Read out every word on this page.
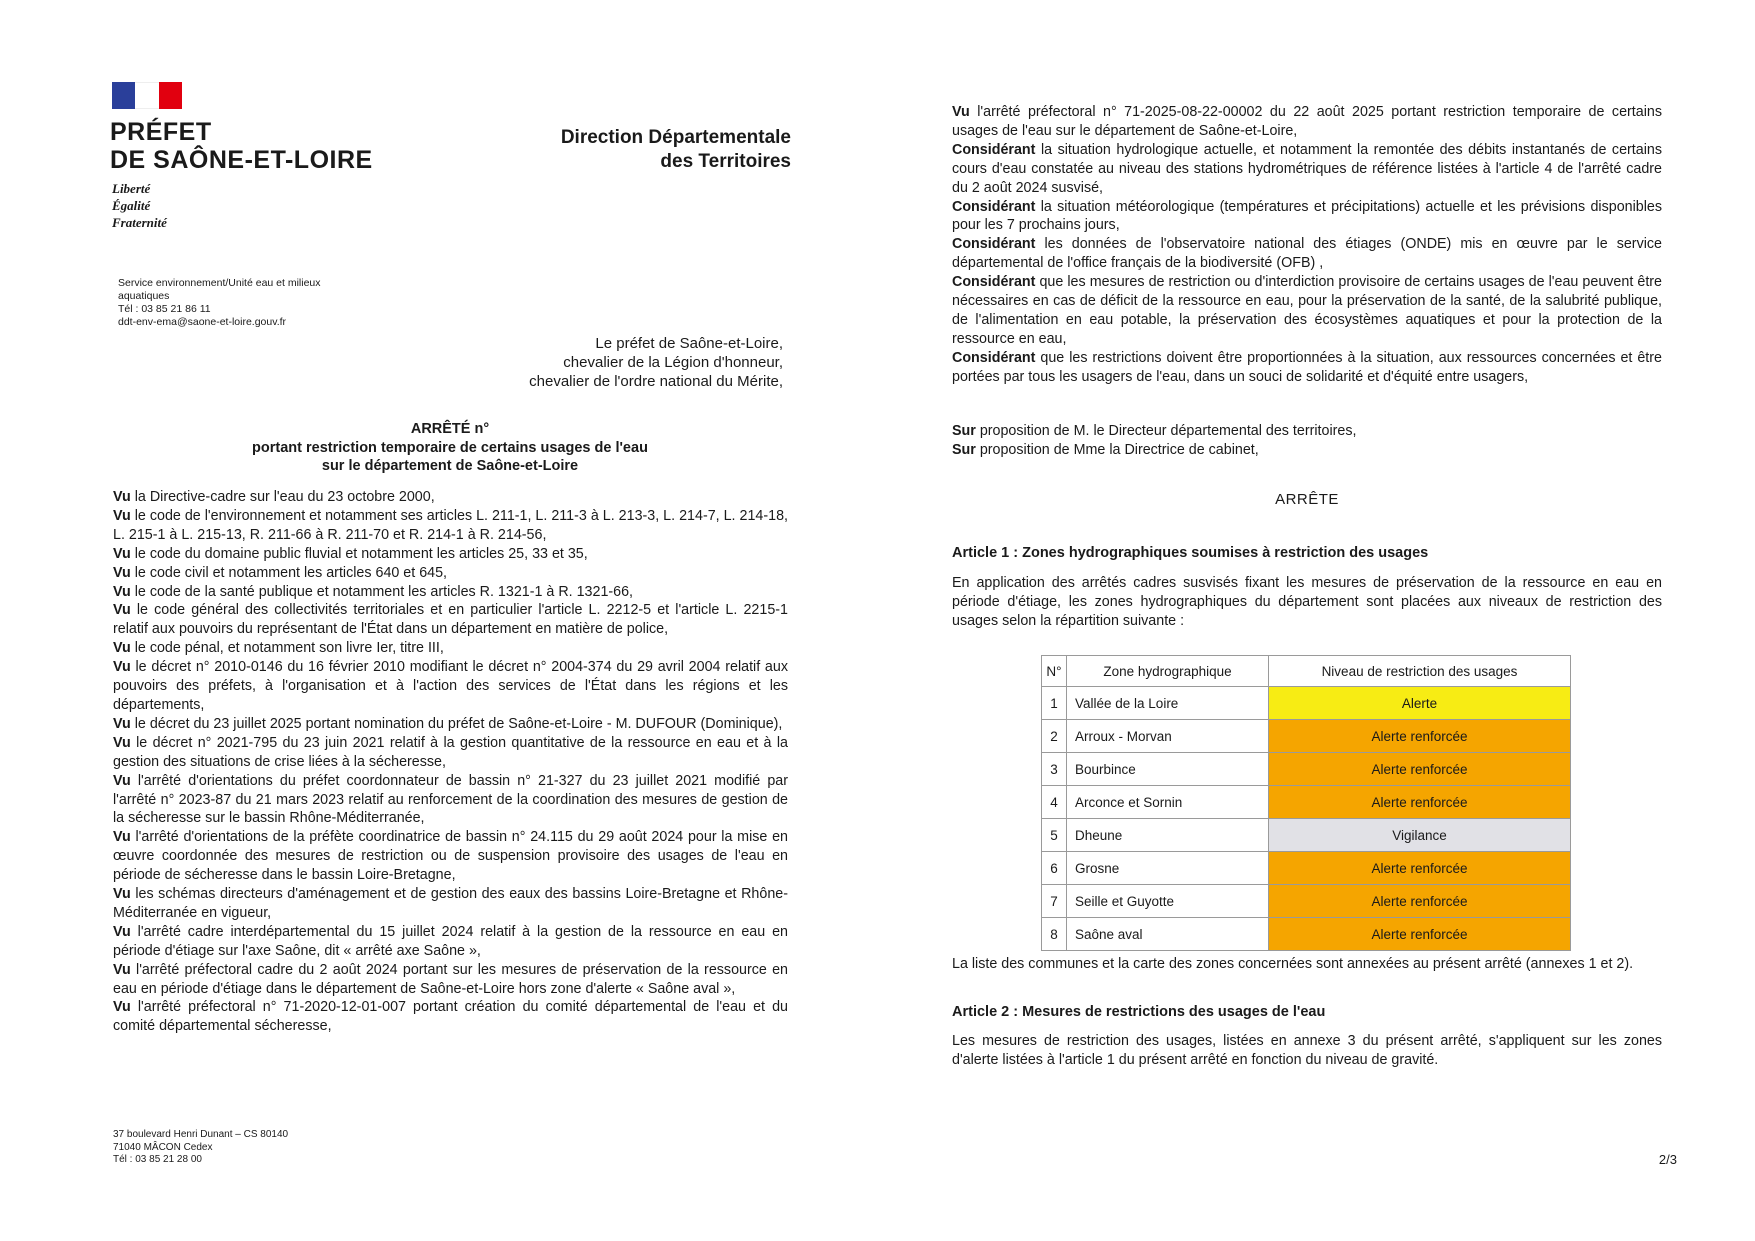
PRÉFET
DE SAÔNE-ET-LOIRE
Liberté
Égalité
Fraternité
Direction Départementale
des Territoires
Service environnement/Unité eau et milieux
aquatiques
Tél : 03 85 21 86 11
ddt-env-ema@saone-et-loire.gouv.fr
Le préfet de Saône-et-Loire,
chevalier de la Légion d'honneur,
chevalier de l'ordre national du Mérite,
ARRÊTÉ n°
portant restriction temporaire de certains usages de l'eau
sur le département de Saône-et-Loire

Vu la Directive-cadre sur l'eau du 23 octobre 2000,

Vu le code de l'environnement et notamment ses articles L. 211-1, L. 211-3 à L. 213-3, L. 214-7, L. 214-18, L. 215-1 à L. 215-13, R. 211-66 à R. 211-70 et R. 214-1 à R. 214-56,

Vu le code du domaine public fluvial et notamment les articles 25, 33 et 35,

Vu le code civil et notamment les articles 640 et 645,

Vu le code de la santé publique et notamment les articles R. 1321-1 à R. 1321-66,

Vu le code général des collectivités territoriales et en particulier l'article L. 2212-5 et l'article L. 2215-1 relatif aux pouvoirs du représentant de l'État dans un département en matière de police,

Vu le code pénal, et notamment son livre Ier, titre III,

Vu le décret n° 2010-0146 du 16 février 2010 modifiant le décret n° 2004-374 du 29 avril 2004 relatif aux pouvoirs des préfets, à l'organisation et à l'action des services de l'État dans les régions et les départements,

Vu le décret du 23 juillet 2025 portant nomination du préfet de Saône-et-Loire - M. DUFOUR (Dominique),

Vu le décret n° 2021-795 du 23 juin 2021 relatif à la gestion quantitative de la ressource en eau et à la gestion des situations de crise liées à la sécheresse,

Vu l'arrêté d'orientations du préfet coordonnateur de bassin n° 21-327 du 23 juillet 2021 modifié par l'arrêté n° 2023-87 du 21 mars 2023 relatif au renforcement de la coordination des mesures de gestion de la sécheresse sur le bassin Rhône-Méditerranée,

Vu l'arrêté d'orientations de la préfète coordinatrice de bassin n° 24.115 du 29 août 2024 pour la mise en œuvre coordonnée des mesures de restriction ou de suspension provisoire des usages de l'eau en période de sécheresse dans le bassin Loire-Bretagne,

Vu les schémas directeurs d'aménagement et de gestion des eaux des bassins Loire-Bretagne et Rhône-Méditerranée en vigueur,

Vu l'arrêté cadre interdépartemental du 15 juillet 2024 relatif à la gestion de la ressource en eau en période d'étiage sur l'axe Saône, dit « arrêté axe Saône »,

Vu l'arrêté préfectoral cadre du 2 août 2024 portant sur les mesures de préservation de la ressource en eau en période d'étiage dans le département de Saône-et-Loire hors zone d'alerte « Saône aval »,

Vu l'arrêté préfectoral n° 71-2020-12-01-007 portant création du comité départemental de l'eau et du comité départemental sécheresse,

37 boulevard Henri Dunant – CS 80140
71040 MÂCON Cedex
Tél : 03 85 21 28 00

Vu l'arrêté préfectoral n° 71-2025-08-22-00002 du 22 août 2025 portant restriction temporaire de certains usages de l'eau sur le département de Saône-et-Loire,

Considérant la situation hydrologique actuelle, et notamment la remontée des débits instantanés de certains cours d'eau constatée au niveau des stations hydrométriques de référence listées à l'article 4 de l'arrêté cadre du 2 août 2024 susvisé,

Considérant la situation météorologique (températures et précipitations) actuelle et les prévisions disponibles pour les 7 prochains jours,

Considérant les données de l'observatoire national des étiages (ONDE) mis en œuvre par le service départemental de l'office français de la biodiversité (OFB) ,

Considérant que les mesures de restriction ou d'interdiction provisoire de certains usages de l'eau peuvent être nécessaires en cas de déficit de la ressource en eau, pour la préservation de la santé, de la salubrité publique, de l'alimentation en eau potable, la préservation des écosystèmes aquatiques et pour la protection de la ressource en eau,

Considérant que les restrictions doivent être proportionnées à la situation, aux ressources concernées et être portées par tous les usagers de l'eau, dans un souci de solidarité et d'équité entre usagers,

Sur proposition de M. le Directeur départemental des territoires,

Sur proposition de Mme la Directrice de cabinet,

ARRÊTE
Article 1 : Zones hydrographiques soumises à restriction des usages
En application des arrêtés cadres susvisés fixant les mesures de préservation de la ressource en eau en période d'étiage, les zones hydrographiques du département sont placées aux niveaux de restriction des usages selon la répartition suivante :
N°	Zone hydrographique	Niveau de restriction des usages
1	Vallée de la Loire	Alerte
2	Arroux - Morvan	Alerte renforcée
3	Bourbince	Alerte renforcée
4	Arconce et Sornin	Alerte renforcée
5	Dheune	Vigilance
6	Grosne	Alerte renforcée
7	Seille et Guyotte	Alerte renforcée
8	Saône aval	Alerte renforcée
La liste des communes et la carte des zones concernées sont annexées au présent arrêté (annexes 1 et 2).
Article 2 : Mesures de restrictions des usages de l'eau
Les mesures de restriction des usages, listées en annexe 3 du présent arrêté, s'appliquent sur les zones d'alerte listées à l'article 1 du présent arrêté en fonction du niveau de gravité.
2/3
